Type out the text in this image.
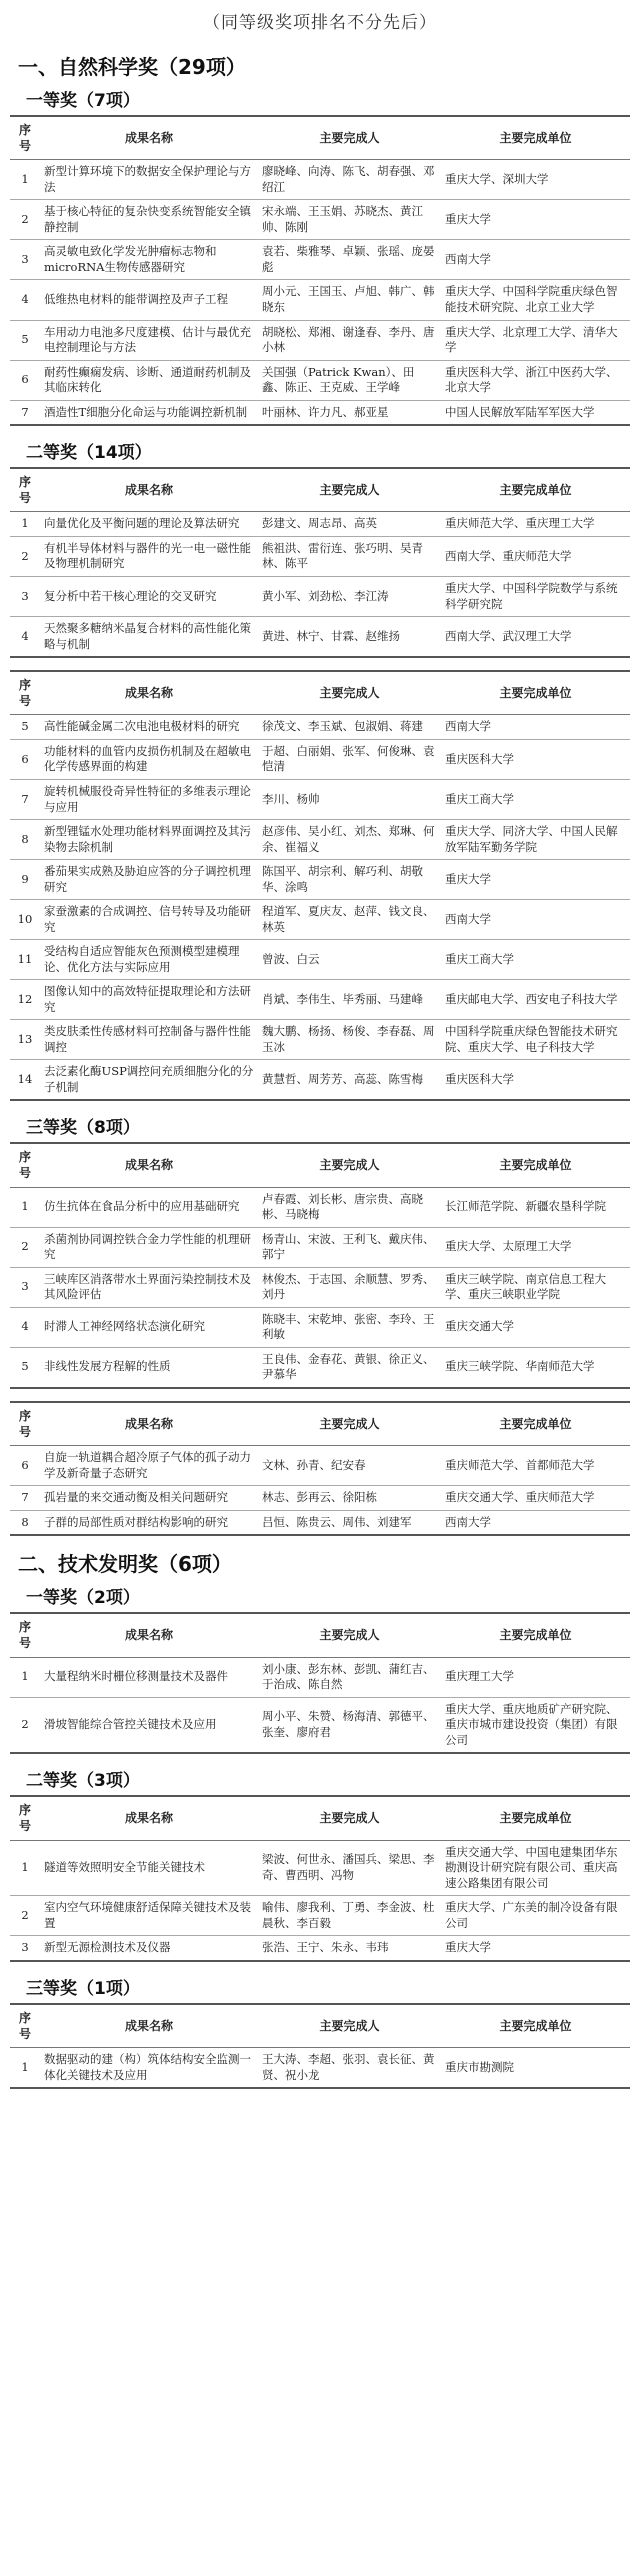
（同等级奖项排名不分先后）
一、自然科学奖（29项）
一等奖（7项）
序号	成果名称	主要完成人	主要完成单位
1	新型计算环境下的数据安全保护理论与方法	廖晓峰、向涛、陈飞、胡春强、邓绍江	重庆大学、深圳大学
2	基于核心特征的复杂快变系统智能安全镇静控制	宋永端、王玉娟、苏晓杰、黄江帅、陈刚	重庆大学
3	高灵敏电致化学发光肿瘤标志物和microRNA生物传感器研究	袁若、柴雅琴、卓颖、张瑶、庞晏彪	西南大学
4	低维热电材料的能带调控及声子工程	周小元、王国玉、卢旭、韩广、韩晓东	重庆大学、中国科学院重庆绿色智能技术研究院、北京工业大学
5	车用动力电池多尺度建模、估计与最优充电控制理论与方法	胡晓松、郑湘、谢逢春、李丹、唐小林	重庆大学、北京理工大学、清华大学
6	耐药性癫痫发病、诊断、通道耐药机制及其临床转化	关国强（Patrick Kwan）、田鑫、陈正、王克威、王学峰	重庆医科大学、浙江中医药大学、北京大学
7	酒造性T细胞分化命运与功能调控新机制	叶丽林、许力凡、郝亚星	中国人民解放军陆军军医大学
二等奖（14项）
序号	成果名称	主要完成人	主要完成单位
1	向量优化及平衡问题的理论及算法研究	彭建文、周志昂、高英	重庆师范大学、重庆理工大学
2	有机半导体材料与器件的光一电一磁性能及物理机制研究	熊祖洪、雷衍连、张巧明、吴青林、陈平	西南大学、重庆师范大学
3	复分析中若干核心理论的交叉研究	黄小军、刘劲松、李江涛	重庆大学、中国科学院数学与系统科学研究院
4	天然聚多糖纳米晶复合材料的高性能化策略与机制	黄进、林宁、甘霖、赵维扬	西南大学、武汉理工大学
序号	成果名称	主要完成人	主要完成单位
5	高性能碱金属二次电池电极材料的研究	徐茂文、李玉斌、包淑娟、蒋建	西南大学
6	功能材料的血管内皮损伤机制及在超敏电化学传感界面的构建	于超、白丽娟、张军、何俊琳、袁恺清	重庆医科大学
7	旋转机械服役奇异性特征的多维表示理论与应用	李川、杨帅	重庆工商大学
8	新型锂锰水处理功能材料界面调控及其污染物去除机制	赵彦伟、吴小红、刘杰、郑琳、何余、崔福义	重庆大学、同济大学、中国人民解放军陆军勤务学院
9	番茄果实成熟及胁迫应答的分子调控机理研究	陈国平、胡宗利、解巧利、胡敬华、涂鸣	重庆大学
10	家蚕激素的合成调控、信号转导及功能研究	程道军、夏庆友、赵萍、钱文良、林英	西南大学
11	受结构自适应智能灰色预测模型建模理论、优化方法与实际应用	曾波、白云	重庆工商大学
12	图像认知中的高效特征提取理论和方法研究	肖斌、李伟生、毕秀丽、马建峰	重庆邮电大学、西安电子科技大学
13	类皮肤柔性传感材料可控制备与器件性能调控	魏大鹏、杨扬、杨俊、李春磊、周玉冰	中国科学院重庆绿色智能技术研究院、重庆大学、电子科技大学
14	去泛素化酶USP调控问充质细胞分化的分子机制	黄慧哲、周芳芳、高蕊、陈雪梅	重庆医科大学
三等奖（8项）
序号	成果名称	主要完成人	主要完成单位
1	仿生抗体在食品分析中的应用基础研究	卢春霞、刘长彬、唐宗贵、高晓彬、马晓梅	长江师范学院、新疆农垦科学院
2	杀菌剂协同调控铁合金力学性能的机理研究	杨青山、宋波、王利飞、戴庆伟、郭宁	重庆大学、太原理工大学
3	三峡库区消落带水土界面污染控制技术及其风险评估	林俊杰、于志国、余顺慧、罗秀、刘丹	重庆三峡学院、南京信息工程大学、重庆三峡职业学院
4	时滞人工神经网络状态演化研究	陈晓丰、宋乾坤、张密、李玲、王利敏	重庆交通大学
5	非线性发展方程解的性质	王良伟、金春花、黄银、徐正义、尹慕华	重庆三峡学院、华南师范大学
序号	成果名称	主要完成人	主要完成单位
6	自旋一轨道耦合超冷原子气体的孤子动力学及新奇量子态研究	文林、孙青、纪安春	重庆师范大学、首都师范大学
7	孤岩量的来交通动衡及相关问题研究	林志、彭再云、徐阳栋	重庆交通大学、重庆师范大学
8	子群的局部性质对群结构影响的研究	吕恒、陈贵云、周伟、刘建军	西南大学
二、技术发明奖（6项）
一等奖（2项）
序号	成果名称	主要完成人	主要完成单位
1	大量程纳米时栅位移测量技术及器件	刘小康、彭东林、彭凯、蒲红吉、于治成、陈自然	重庆理工大学
2	滑坡智能综合管控关键技术及应用	周小平、朱赞、杨海清、郭德平、张奎、廖府君	重庆大学、重庆地质矿产研究院、重庆市城市建设投资（集团）有限公司
二等奖（3项）
序号	成果名称	主要完成人	主要完成单位
1	隧道等效照明安全节能关键技术	梁波、何世永、潘国兵、梁思、李奇、曹西明、冯物	重庆交通大学、中国电建集团华东勘测设计研究院有限公司、重庆高速公路集团有限公司
2	室内空气环境健康舒适保障关键技术及装置	喻伟、廖我利、丁勇、李金波、杜晨秋、李百毅	重庆大学、广东美的制冷设备有限公司
3	新型无源检测技术及仪器	张浩、王宁、朱永、韦玮	重庆大学
三等奖（1项）
序号	成果名称	主要完成人	主要完成单位
1	数据驱动的建（构）筑体结构安全监测一体化关键技术及应用	王大涛、李超、张羽、袁长征、黄贤、祝小龙	重庆市勘测院
